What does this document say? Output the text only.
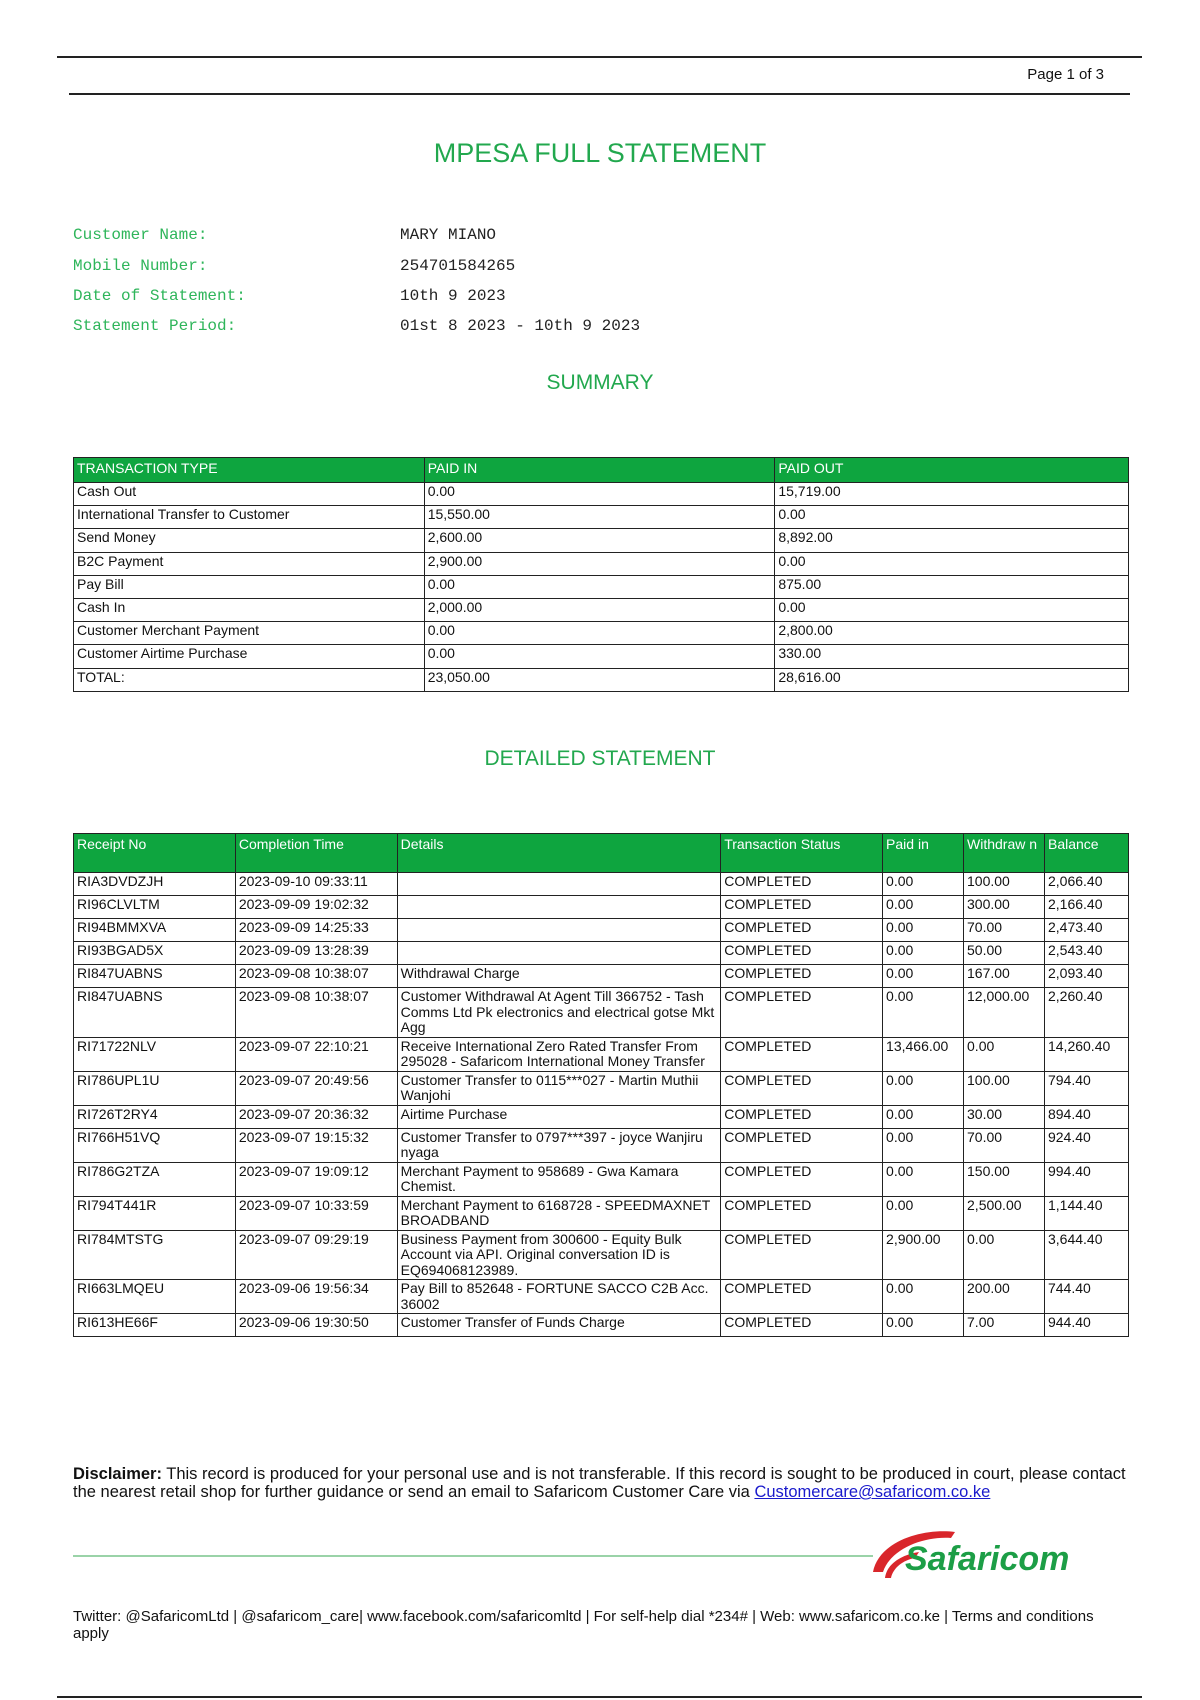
Page 1 of 3
MPESA FULL STATEMENT
Customer Name:	MARY MIANO
Mobile Number:	254701584265
Date of Statement:	10th 9 2023
Statement Period:	01st 8 2023 - 10th 9 2023
SUMMARY
TRANSACTION TYPE	PAID IN	PAID OUT
Cash Out	0.00	15,719.00
International Transfer to Customer	15,550.00	0.00
Send Money	2,600.00	8,892.00
B2C Payment	2,900.00	0.00
Pay Bill	0.00	875.00
Cash In	2,000.00	0.00
Customer Merchant Payment	0.00	2,800.00
Customer Airtime Purchase	0.00	330.00
TOTAL:	23,050.00	28,616.00
DETAILED STATEMENT
Receipt No	Completion Time	Details	Transaction Status	Paid in	Withdraw n	Balance
RIA3DVDZJH	2023-09-10 09:33:11		COMPLETED	0.00	100.00	2,066.40
RI96CLVLTM	2023-09-09 19:02:32		COMPLETED	0.00	300.00	2,166.40
RI94BMMXVA	2023-09-09 14:25:33		COMPLETED	0.00	70.00	2,473.40
RI93BGAD5X	2023-09-09 13:28:39		COMPLETED	0.00	50.00	2,543.40
RI847UABNS	2023-09-08 10:38:07	Withdrawal Charge	COMPLETED	0.00	167.00	2,093.40
RI847UABNS	2023-09-08 10:38:07	Customer Withdrawal At Agent Till 366752 - Tash Comms Ltd Pk electronics and electrical gotse Mkt Agg	COMPLETED	0.00	12,000.00	2,260.40
RI71722NLV	2023-09-07 22:10:21	Receive International Zero Rated Transfer From 295028 - Safaricom International Money Transfer	COMPLETED	13,466.00	0.00	14,260.40
RI786UPL1U	2023-09-07 20:49:56	Customer Transfer to 0115***027 - Martin Muthii Wanjohi	COMPLETED	0.00	100.00	794.40
RI726T2RY4	2023-09-07 20:36:32	Airtime Purchase	COMPLETED	0.00	30.00	894.40
RI766H51VQ	2023-09-07 19:15:32	Customer Transfer to 0797***397 - joyce Wanjiru nyaga	COMPLETED	0.00	70.00	924.40
RI786G2TZA	2023-09-07 19:09:12	Merchant Payment to 958689 - Gwa Kamara Chemist.	COMPLETED	0.00	150.00	994.40
RI794T441R	2023-09-07 10:33:59	Merchant Payment to 6168728 - SPEEDMAXNET BROADBAND	COMPLETED	0.00	2,500.00	1,144.40
RI784MTSTG	2023-09-07 09:29:19	Business Payment from 300600 - Equity Bulk Account via API. Original conversation ID is EQ694068123989.	COMPLETED	2,900.00	0.00	3,644.40
RI663LMQEU	2023-09-06 19:56:34	Pay Bill to 852648 - FORTUNE SACCO C2B Acc. 36002	COMPLETED	0.00	200.00	744.40
RI613HE66F	2023-09-06 19:30:50	Customer Transfer of Funds Charge	COMPLETED	0.00	7.00	944.40
Disclaimer: This record is produced for your personal use and is not transferable. If this record is sought to be produced in court, please contact the nearest retail shop for further guidance or send an email to Safaricom Customer Care via Customercare@safaricom.co.ke
Safaricom
Twitter: @SafaricomLtd | @safaricom_care| www.facebook.com/safaricomltd | For self-help dial *234# | Web: www.safaricom.co.ke | Terms and conditions apply
